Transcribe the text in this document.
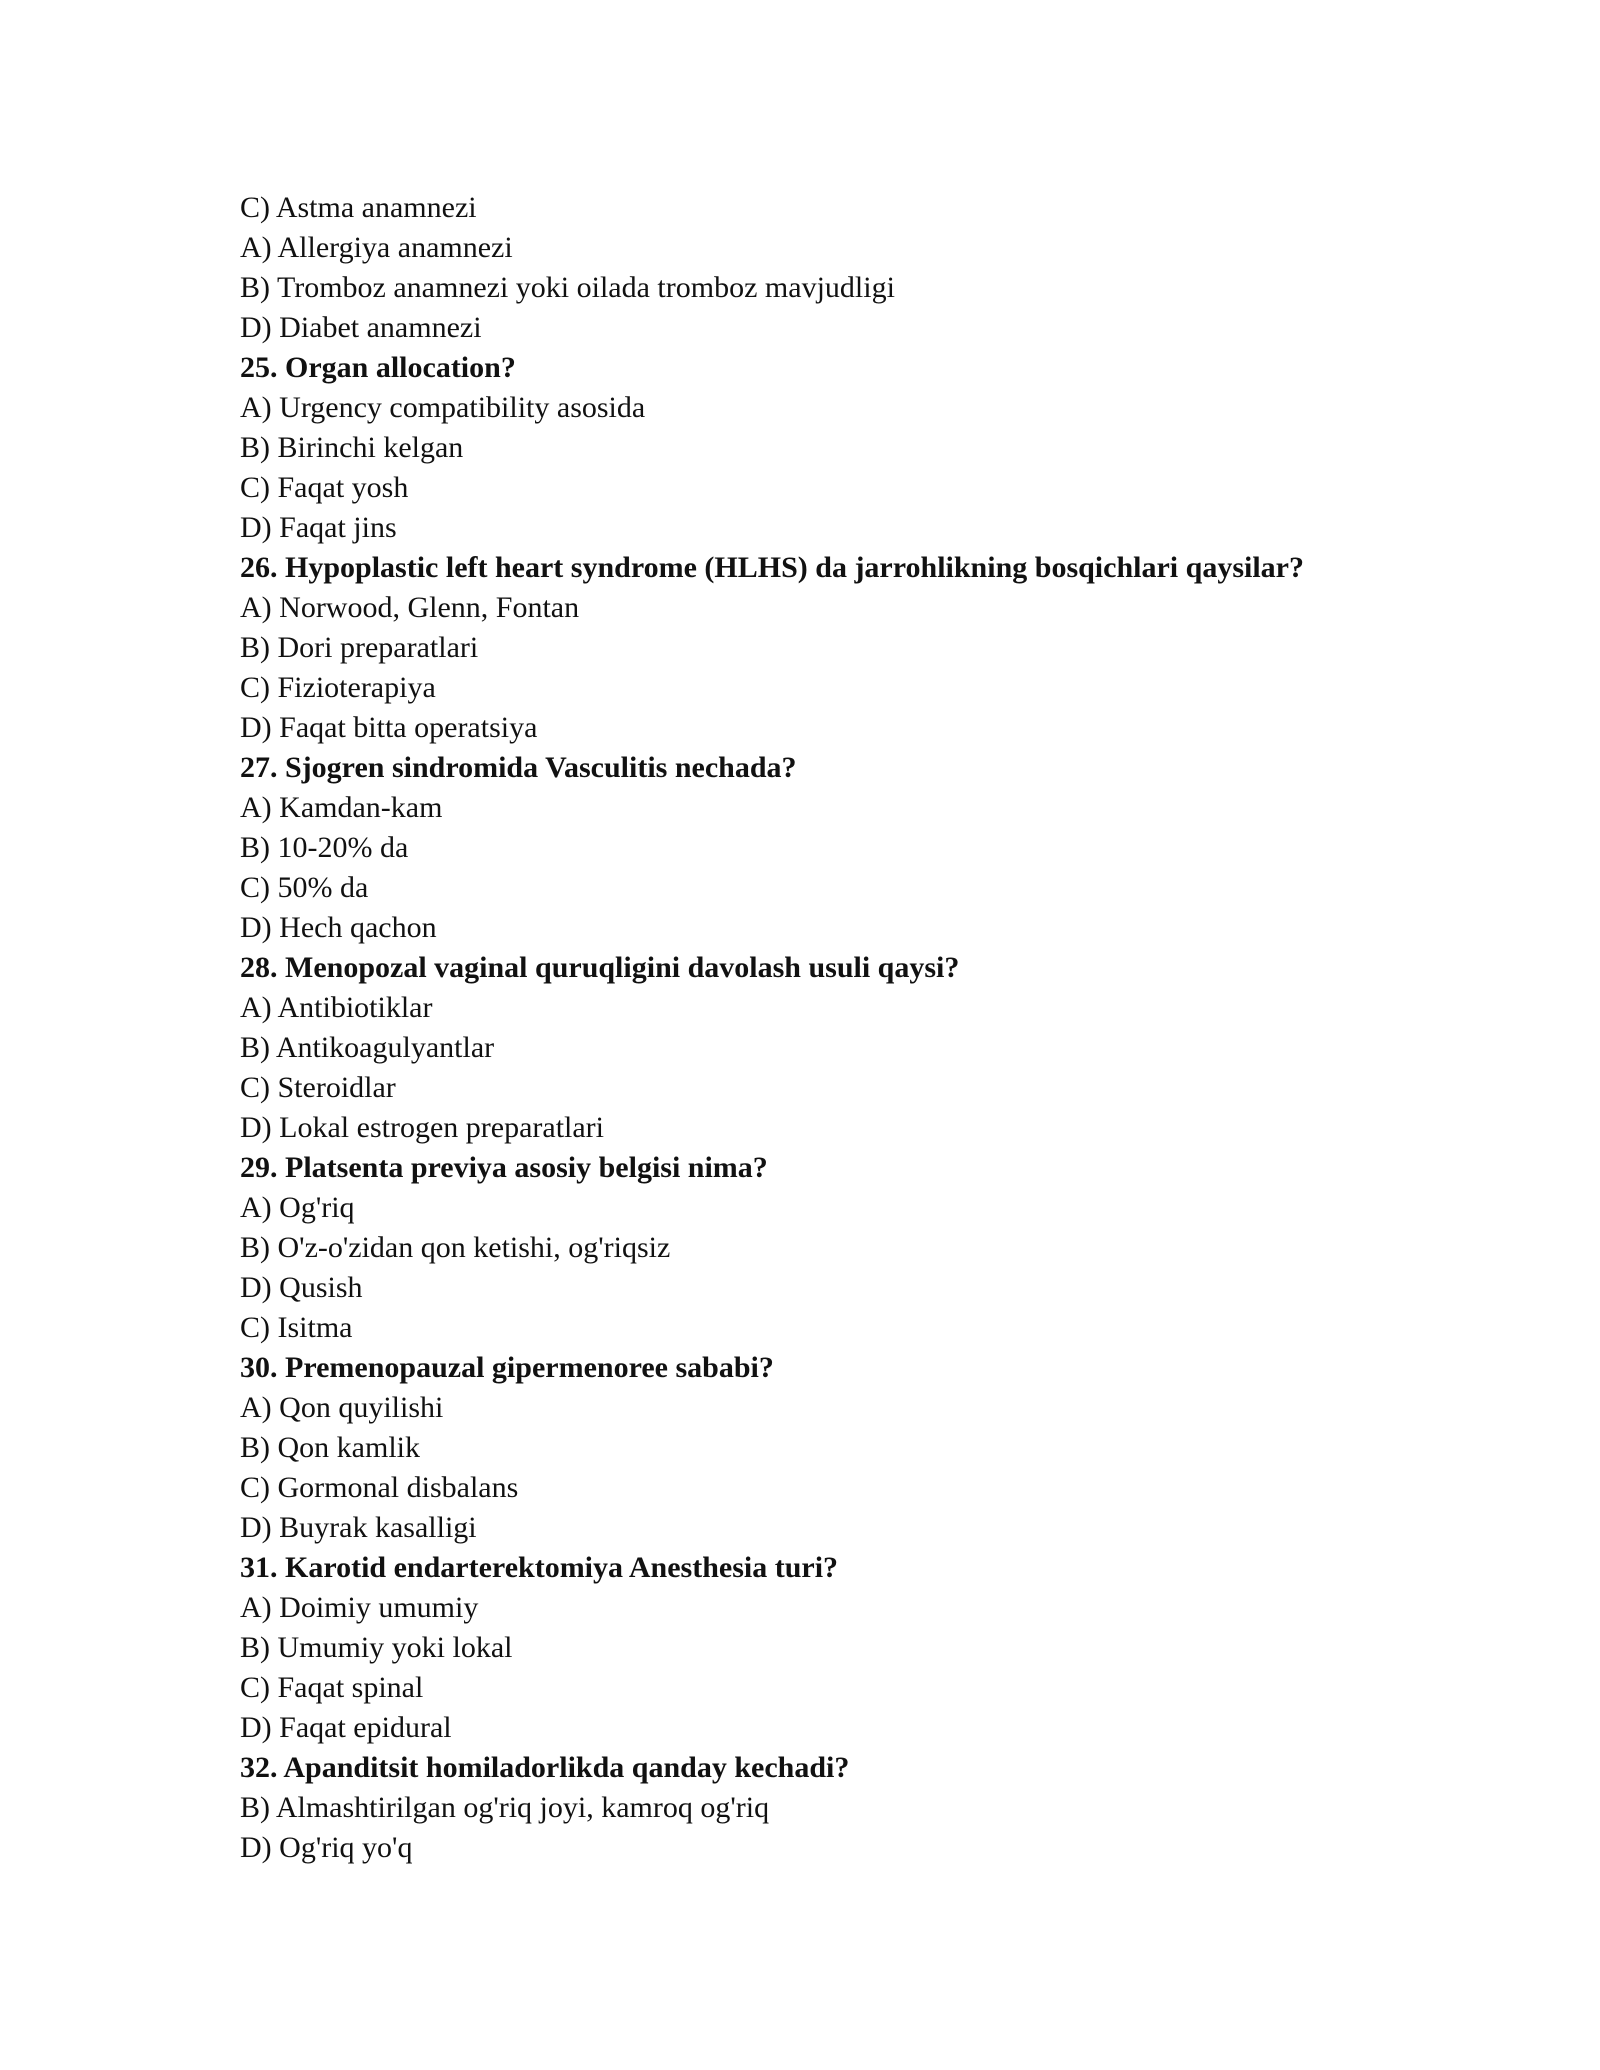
C) Astma anamnezi
A) Allergiya anamnezi
B) Tromboz anamnezi yoki oilada tromboz mavjudligi
D) Diabet anamnezi
25. Organ allocation?
A) Urgency compatibility asosida
B) Birinchi kelgan
C) Faqat yosh
D) Faqat jins
26. Hypoplastic left heart syndrome (HLHS) da jarrohlikning bosqichlari qaysilar?
A) Norwood, Glenn, Fontan
B) Dori preparatlari
C) Fizioterapiya
D) Faqat bitta operatsiya
27. Sjogren sindromida Vasculitis nechada?
A) Kamdan-kam
B) 10-20% da
C) 50% da
D) Hech qachon
28. Menopozal vaginal quruqligini davolash usuli qaysi?
A) Antibiotiklar
B) Antikoagulyantlar
C) Steroidlar
D) Lokal estrogen preparatlari
29. Platsenta previya asosiy belgisi nima?
A) Og'riq
B) O'z-o'zidan qon ketishi, og'riqsiz
D) Qusish
C) Isitma
30. Premenopauzal gipermenoree sababi?
A) Qon quyilishi
B) Qon kamlik
C) Gormonal disbalans
D) Buyrak kasalligi
31. Karotid endarterektomiya Anesthesia turi?
A) Doimiy umumiy
B) Umumiy yoki lokal
C) Faqat spinal
D) Faqat epidural
32. Apanditsit homiladorlikda qanday kechadi?
B) Almashtirilgan og'riq joyi, kamroq og'riq
D) Og'riq yo'q
